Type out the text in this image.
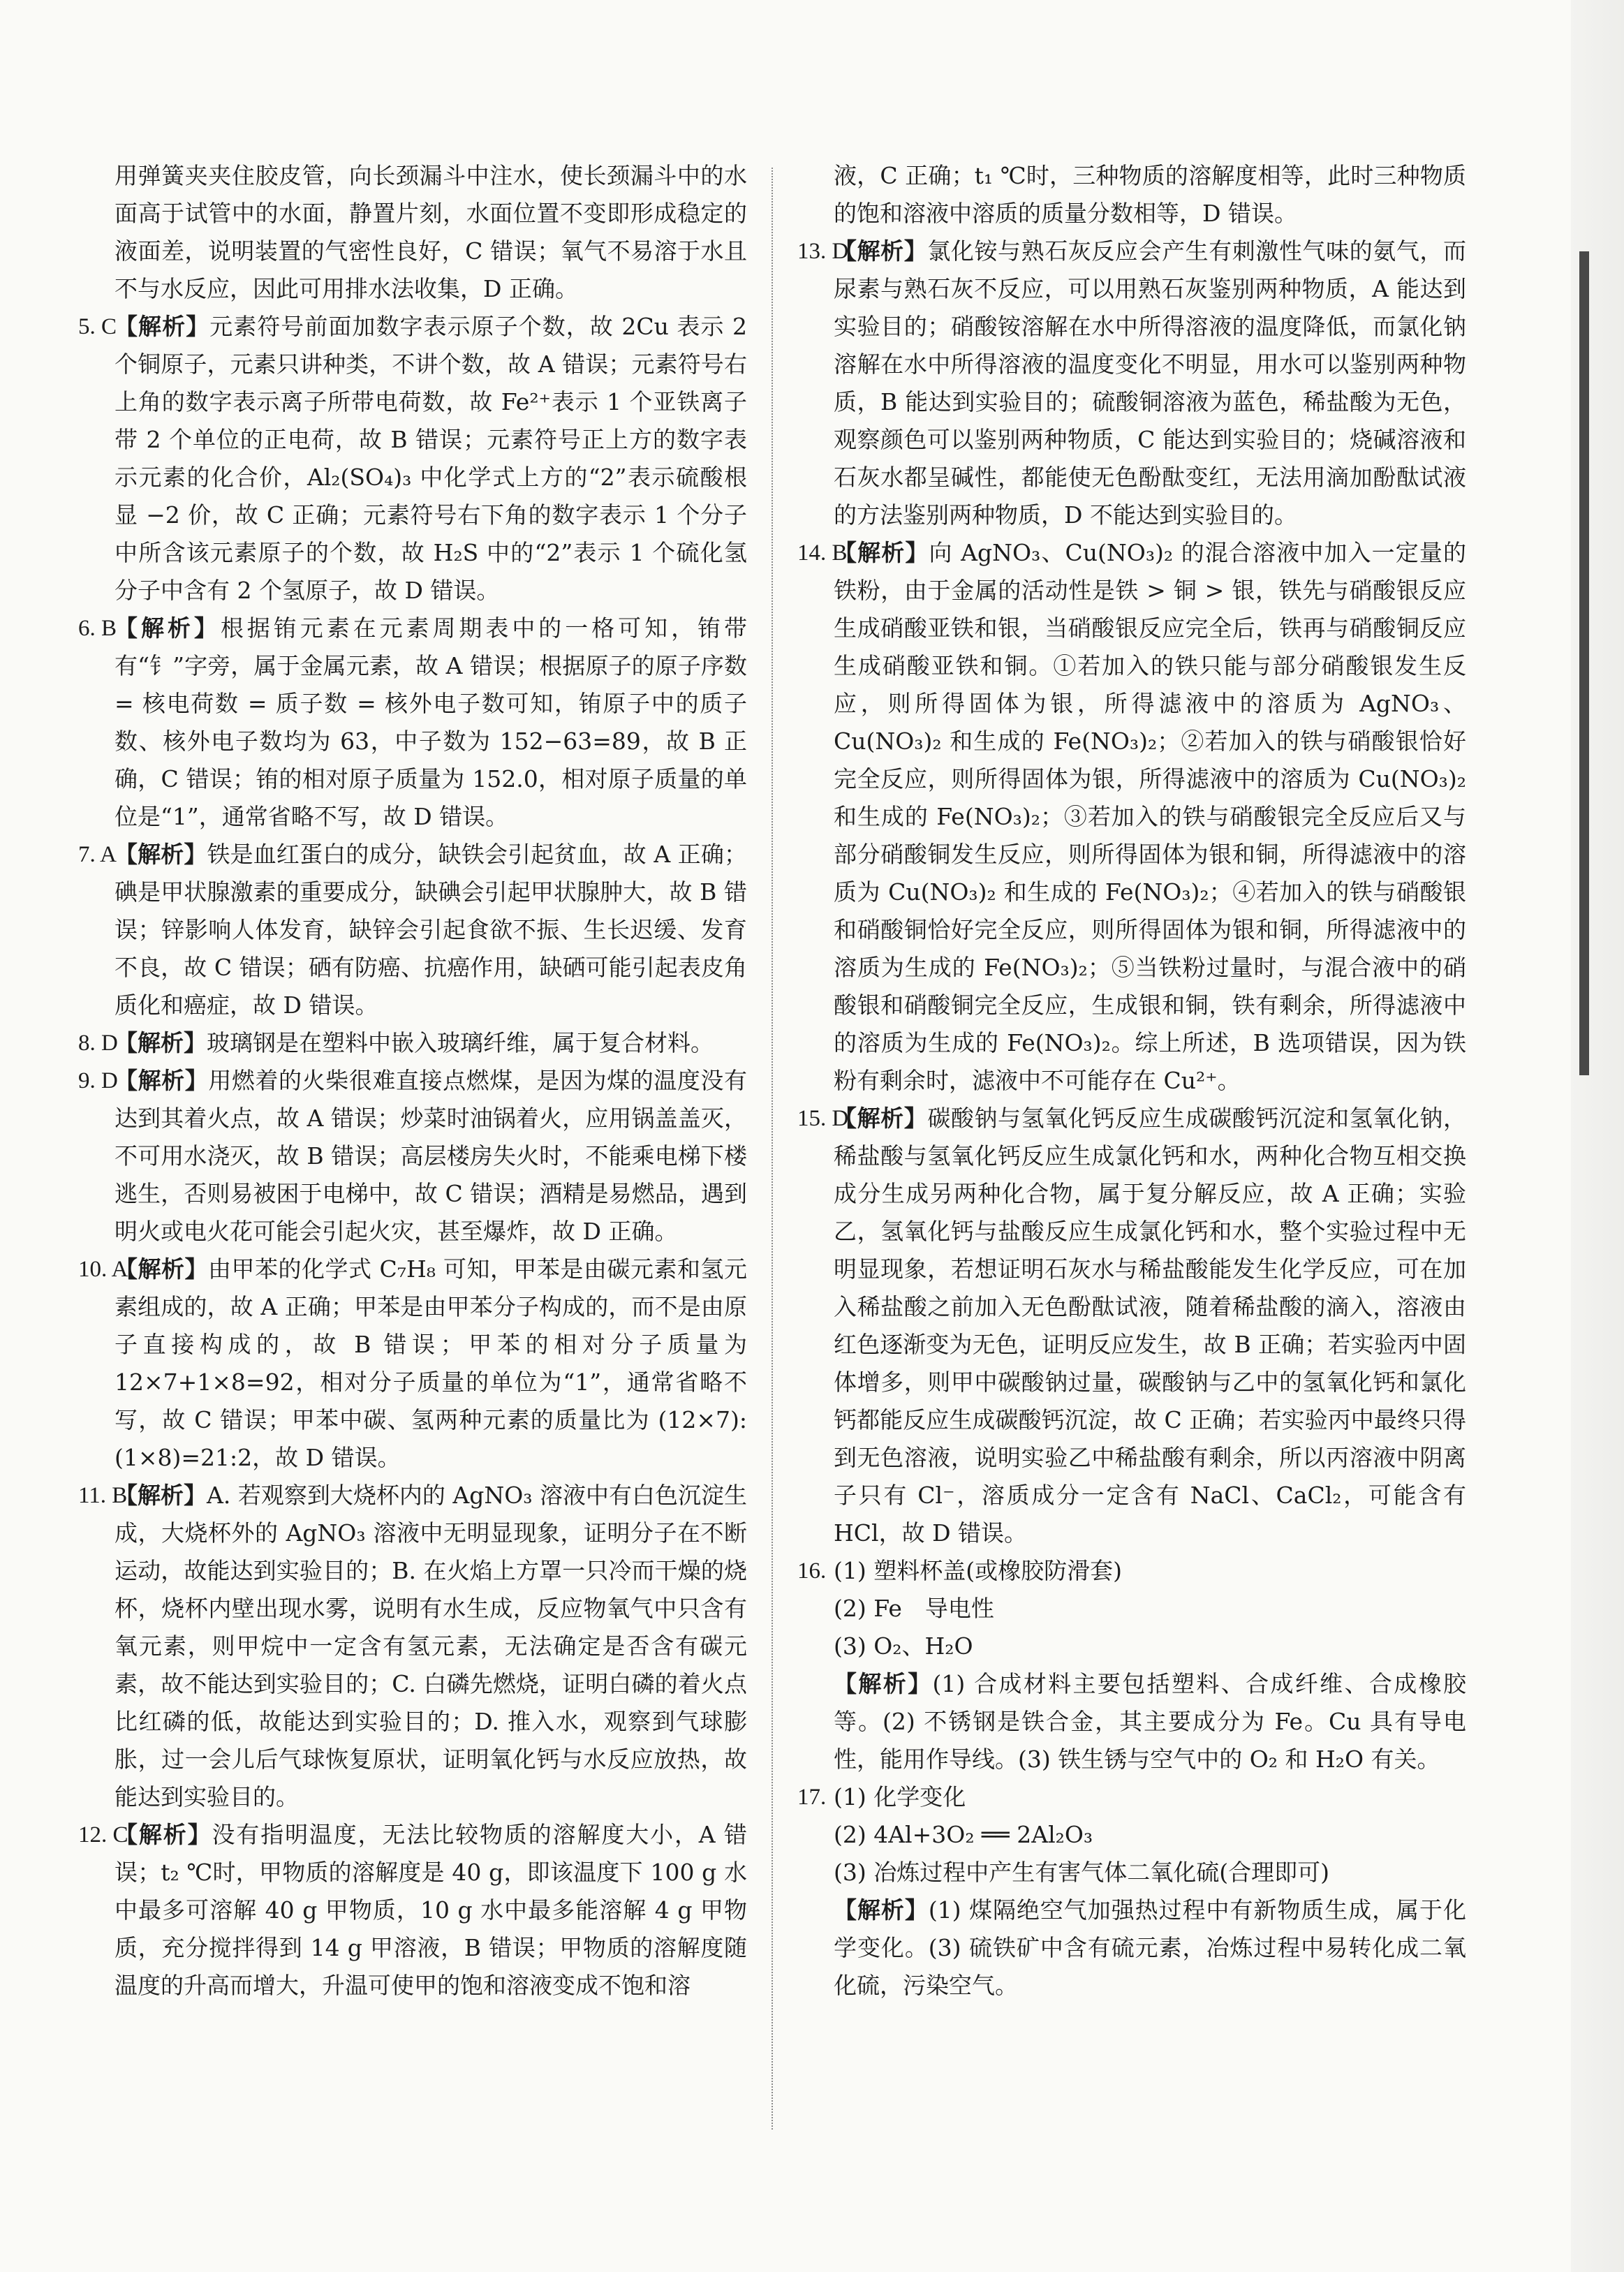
用弹簧夹夹住胶皮管，向长颈漏斗中注水，使长颈漏斗中的水面高于试管中的水面，静置片刻，水面位置不变即形成稳定的液面差，说明装置的气密性良好，C 错误；氧气不易溶于水且不与水反应，因此可用排水法收集，D 正确。

5. C
【解析】元素符号前面加数字表示原子个数，故 2Cu 表示 2 个铜原子，元素只讲种类，不讲个数，故 A 错误；元素符号右上角的数字表示离子所带电荷数，故 Fe²⁺表示 1 个亚铁离子带 2 个单位的正电荷，故 B 错误；元素符号正上方的数字表示元素的化合价，Al₂(SO₄)₃ 中化学式上方的“2”表示硫酸根显 −2 价，故 C 正确；元素符号右下角的数字表示 1 个分子中所含该元素原子的个数，故 H₂S 中的“2”表示 1 个硫化氢分子中含有 2 个氢原子，故 D 错误。
6. B
【解析】根据铕元素在元素周期表中的一格可知，铕带有“钅”字旁，属于金属元素，故 A 错误；根据原子的原子序数 = 核电荷数 = 质子数 = 核外电子数可知，铕原子中的质子数、核外电子数均为 63，中子数为 152−63=89，故 B 正确，C 错误；铕的相对原子质量为 152.0，相对原子质量的单位是“1”，通常省略不写，故 D 错误。
7. A
【解析】铁是血红蛋白的成分，缺铁会引起贫血，故 A 正确；碘是甲状腺激素的重要成分，缺碘会引起甲状腺肿大，故 B 错误；锌影响人体发育，缺锌会引起食欲不振、生长迟缓、发育不良，故 C 错误；硒有防癌、抗癌作用，缺硒可能引起表皮角质化和癌症，故 D 错误。
8. D
【解析】玻璃钢是在塑料中嵌入玻璃纤维，属于复合材料。
9. D
【解析】用燃着的火柴很难直接点燃煤，是因为煤的温度没有达到其着火点，故 A 错误；炒菜时油锅着火，应用锅盖盖灭，不可用水浇灭，故 B 错误；高层楼房失火时，不能乘电梯下楼逃生，否则易被困于电梯中，故 C 错误；酒精是易燃品，遇到明火或电火花可能会引起火灾，甚至爆炸，故 D 正确。
10. A
【解析】由甲苯的化学式 C₇H₈ 可知，甲苯是由碳元素和氢元素组成的，故 A 正确；甲苯是由甲苯分子构成的，而不是由原子直接构成的，故 B 错误；甲苯的相对分子质量为 12×7+1×8=92，相对分子质量的单位为“1”，通常省略不写，故 C 错误；甲苯中碳、氢两种元素的质量比为 (12×7):(1×8)=21:2，故 D 错误。
11. B
【解析】A. 若观察到大烧杯内的 AgNO₃ 溶液中有白色沉淀生成，大烧杯外的 AgNO₃ 溶液中无明显现象，证明分子在不断运动，故能达到实验目的；B. 在火焰上方罩一只冷而干燥的烧杯，烧杯内壁出现水雾，说明有水生成，反应物氧气中只含有氧元素，则甲烷中一定含有氢元素，无法确定是否含有碳元素，故不能达到实验目的；C. 白磷先燃烧，证明白磷的着火点比红磷的低，故能达到实验目的；D. 推入水，观察到气球膨胀，过一会儿后气球恢复原状，证明氧化钙与水反应放热，故能达到实验目的。
12. C
【解析】没有指明温度，无法比较物质的溶解度大小，A 错误；t₂ ℃时，甲物质的溶解度是 40 g，即该温度下 100 g 水中最多可溶解 40 g 甲物质，10 g 水中最多能溶解 4 g 甲物质，充分搅拌得到 14 g 甲溶液，B 错误；甲物质的溶解度随温度的升高而增大，升温可使甲的饱和溶液变成不饱和溶

液，C 正确；t₁ ℃时，三种物质的溶解度相等，此时三种物质的饱和溶液中溶质的质量分数相等，D 错误。

13. D
【解析】氯化铵与熟石灰反应会产生有刺激性气味的氨气，而尿素与熟石灰不反应，可以用熟石灰鉴别两种物质，A 能达到实验目的；硝酸铵溶解在水中所得溶液的温度降低，而氯化钠溶解在水中所得溶液的温度变化不明显，用水可以鉴别两种物质，B 能达到实验目的；硫酸铜溶液为蓝色，稀盐酸为无色，观察颜色可以鉴别两种物质，C 能达到实验目的；烧碱溶液和石灰水都呈碱性，都能使无色酚酞变红，无法用滴加酚酞试液的方法鉴别两种物质，D 不能达到实验目的。
14. B
【解析】向 AgNO₃、Cu(NO₃)₂ 的混合溶液中加入一定量的铁粉，由于金属的活动性是铁 > 铜 > 银，铁先与硝酸银反应生成硝酸亚铁和银，当硝酸银反应完全后，铁再与硝酸铜反应生成硝酸亚铁和铜。①若加入的铁只能与部分硝酸银发生反应，则所得固体为银，所得滤液中的溶质为 AgNO₃、Cu(NO₃)₂ 和生成的 Fe(NO₃)₂；②若加入的铁与硝酸银恰好完全反应，则所得固体为银，所得滤液中的溶质为 Cu(NO₃)₂ 和生成的 Fe(NO₃)₂；③若加入的铁与硝酸银完全反应后又与部分硝酸铜发生反应，则所得固体为银和铜，所得滤液中的溶质为 Cu(NO₃)₂ 和生成的 Fe(NO₃)₂；④若加入的铁与硝酸银和硝酸铜恰好完全反应，则所得固体为银和铜，所得滤液中的溶质为生成的 Fe(NO₃)₂；⑤当铁粉过量时，与混合液中的硝酸银和硝酸铜完全反应，生成银和铜，铁有剩余，所得滤液中的溶质为生成的 Fe(NO₃)₂。综上所述，B 选项错误，因为铁粉有剩余时，滤液中不可能存在 Cu²⁺。
15. D
【解析】碳酸钠与氢氧化钙反应生成碳酸钙沉淀和氢氧化钠，稀盐酸与氢氧化钙反应生成氯化钙和水，两种化合物互相交换成分生成另两种化合物，属于复分解反应，故 A 正确；实验乙，氢氧化钙与盐酸反应生成氯化钙和水，整个实验过程中无明显现象，若想证明石灰水与稀盐酸能发生化学反应，可在加入稀盐酸之前加入无色酚酞试液，随着稀盐酸的滴入，溶液由红色逐渐变为无色，证明反应发生，故 B 正确；若实验丙中固体增多，则甲中碳酸钠过量，碳酸钠与乙中的氢氧化钙和氯化钙都能反应生成碳酸钙沉淀，故 C 正确；若实验丙中最终只得到无色溶液，说明实验乙中稀盐酸有剩余，所以丙溶液中阴离子只有 Cl⁻，溶质成分一定含有 NaCl、CaCl₂，可能含有 HCl，故 D 错误。
16. (1) 塑料杯盖(或橡胶防滑套)
(2) Fe　导电性
(3) O₂、H₂O
【解析】(1) 合成材料主要包括塑料、合成纤维、合成橡胶等。(2) 不锈钢是铁合金，其主要成分为 Fe。Cu 具有导电性，能用作导线。(3) 铁生锈与空气中的 O₂ 和 H₂O 有关。
17. (1) 化学变化
(2) 4Al+3O₂ ══ 2Al₂O₃
(3) 冶炼过程中产生有害气体二氧化硫(合理即可)
【解析】(1) 煤隔绝空气加强热过程中有新物质生成，属于化学变化。(3) 硫铁矿中含有硫元素，冶炼过程中易转化成二氧化硫，污染空气。
